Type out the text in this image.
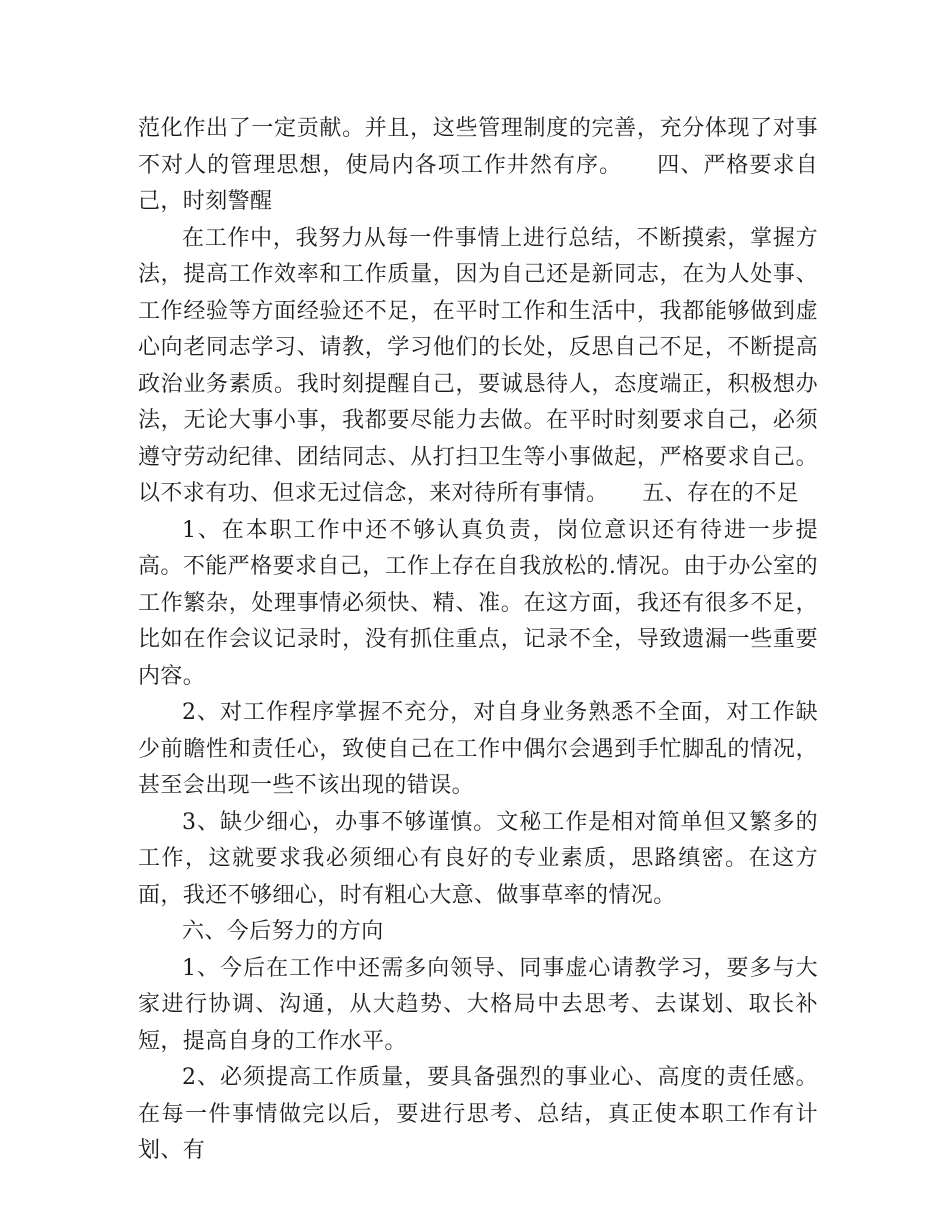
范化作出了一定贡献。并且，这些管理制度的完善，充分体现了对事不对人的管理思想，使局内各项工作井然有序。　　四、严格要求自己，时刻警醒

在工作中，我努力从每一件事情上进行总结，不断摸索，掌握方法，提高工作效率和工作质量，因为自己还是新同志，在为人处事、工作经验等方面经验还不足，在平时工作和生活中，我都能够做到虚心向老同志学习、请教，学习他们的长处，反思自己不足，不断提高政治业务素质。我时刻提醒自己，要诚恳待人，态度端正，积极想办法，无论大事小事，我都要尽能力去做。在平时时刻要求自己，必须遵守劳动纪律、团结同志、从打扫卫生等小事做起，严格要求自己。以不求有功、但求无过信念，来对待所有事情。　　五、存在的不足

1、在本职工作中还不够认真负责，岗位意识还有待进一步提高。不能严格要求自己，工作上存在自我放松的.情况。由于办公室的工作繁杂，处理事情必须快、精、准。在这方面，我还有很多不足，比如在作会议记录时，没有抓住重点，记录不全，导致遗漏一些重要内容。

2、对工作程序掌握不充分，对自身业务熟悉不全面，对工作缺少前瞻性和责任心，致使自己在工作中偶尔会遇到手忙脚乱的情况，甚至会出现一些不该出现的错误。

3、缺少细心，办事不够谨慎。文秘工作是相对简单但又繁多的工作，这就要求我必须细心有良好的专业素质，思路缜密。在这方面，我还不够细心，时有粗心大意、做事草率的情况。

六、今后努力的方向

1、今后在工作中还需多向领导、同事虚心请教学习，要多与大家进行协调、沟通，从大趋势、大格局中去思考、去谋划、取长补短，提高自身的工作水平。

2、必须提高工作质量，要具备强烈的事业心、高度的责任感。在每一件事情做完以后，要进行思考、总结，真正使本职工作有计划、有
